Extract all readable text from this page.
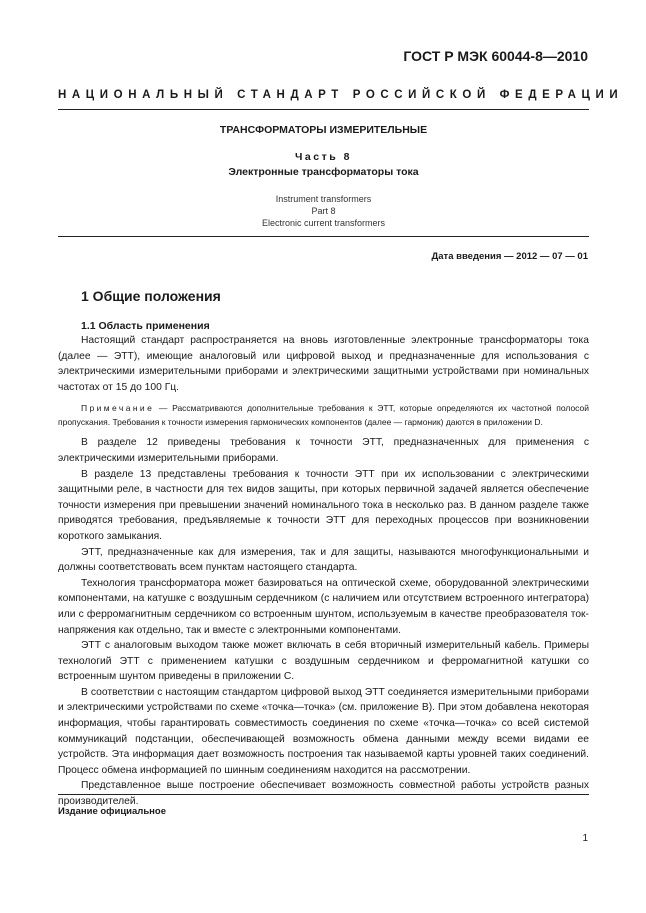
ГОСТ Р МЭК 60044-8—2010
НАЦИОНАЛЬНЫЙ СТАНДАРТ РОССИЙСКОЙ ФЕДЕРАЦИИ
ТРАНСФОРМАТОРЫ ИЗМЕРИТЕЛЬНЫЕ
Часть 8
Электронные трансформаторы тока
Instrument transformers
Part 8
Electronic current transformers
Дата введения — 2012 — 07 — 01
1 Общие положения
1.1 Область применения

Настоящий стандарт распространяется на вновь изготовленные электронные трансформаторы тока (далее — ЭТТ), имеющие аналоговый или цифровой выход и предназначенные для использования с электрическими измерительными приборами и электрическими защитными устройствами при номинальных частотах от 15 до 100 Гц.

Примечание — Рассматриваются дополнительные требования к ЭТТ, которые определяются их частотной полосой пропускания. Требования к точности измерения гармонических компонентов (далее — гармоник) даются в приложении D.

В разделе 12 приведены требования к точности ЭТТ, предназначенных для применения с электрическими измерительными приборами.

В разделе 13 представлены требования к точности ЭТТ при их использовании с электрическими защитными реле, в частности для тех видов защиты, при которых первичной задачей является обеспечение точности измерения при превышении значений номинального тока в несколько раз. В данном разделе также приводятся требования, предъявляемые к точности ЭТТ для переходных процессов при возникновении короткого замыкания.

ЭТТ, предназначенные как для измерения, так и для защиты, называются многофункциональными и должны соответствовать всем пунктам настоящего стандарта.

Технология трансформатора может базироваться на оптической схеме, оборудованной электрическими компонентами, на катушке с воздушным сердечником (с наличием или отсутствием встроенного интегратора) или с ферромагнитным сердечником со встроенным шунтом, используемым в качестве преобразователя ток-напряжения как отдельно, так и вместе с электронными компонентами.

ЭТТ с аналоговым выходом также может включать в себя вторичный измерительный кабель. Примеры технологий ЭТТ с применением катушки с воздушным сердечником и ферромагнитной катушки со встроенным шунтом приведены в приложении С.

В соответствии с настоящим стандартом цифровой выход ЭТТ соединяется измерительными приборами и электрическими устройствами по схеме «точка—точка» (см. приложение В). При этом добавлена некоторая информация, чтобы гарантировать совместимость соединения по схеме «точка—точка» со всей системой коммуникаций подстанции, обеспечивающей возможность обмена данными между всеми видами ее устройств. Эта информация дает возможность построения так называемой карты уровней таких соединений. Процесс обмена информацией по шинным соединениям находится на рассмотрении.

Представленное выше построение обеспечивает возможность совместной работы устройств разных производителей.

Издание официальное
1
